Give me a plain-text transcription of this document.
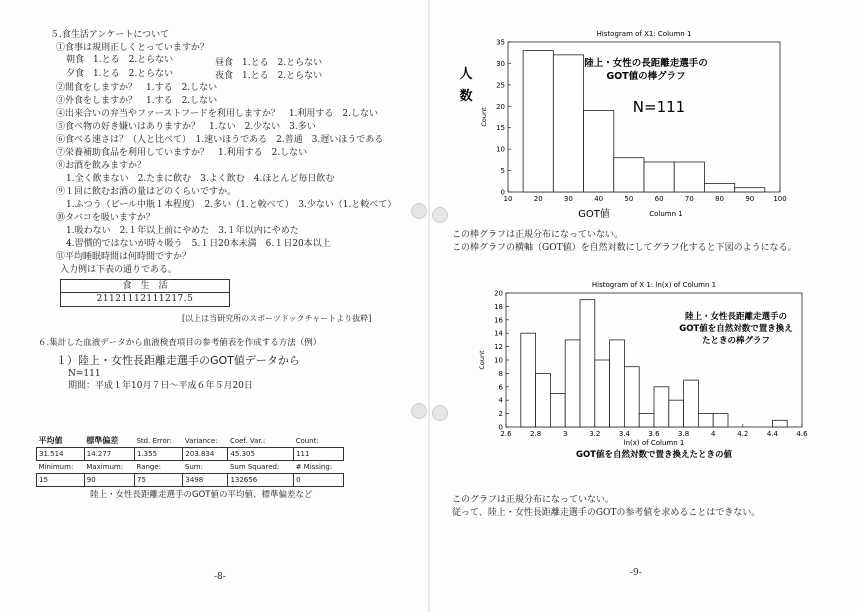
５.食生活アンケートについて
①食事は規則正しくとっていますか？
朝食　1.とる　2.とらない	昼食　1.とる　2.とらない
夕食　1.とる　2.とらない	夜食　1.とる　2.とらない
②間食をしますか？　1.する　2.しない
③外食をしますか？　1.する　2.しない
④出来合いの弁当やファーストフードを利用しますか？　1.利用する　2.しない
⑤食べ物の好き嫌いはありますか？　1.ない　2.少ない　3.多い
⑥食べる速さは？（人と比べて）　1.速いほうである　2.普通　3.遅いほうである
⑦栄養補助食品を利用していますか？　1.利用する　2.しない
⑧お酒を飲みますか？
1.全く飲まない　2.たまに飲む　3.よく飲む　4.ほとんど毎日飲む
⑨１回に飲むお酒の量はどのくらいですか。
1.ふつう（ビール中瓶１本程度）　2.多い（1.と較べて）　3.少ない（1.と較べて）
⑩タバコを吸いますか？
1.吸わない　2.１年以上前にやめた　3.１年以内にやめた
4.習慣的ではないが時々吸う　5.１日20本未満　6.１日20本以上
⑪平均睡眠時間は何時間ですか？
入力例は下表の通りである。
食　生　活
21121112111217.5
[以上は当研究所のスポーツドックチャートより抜粋]
６.集計した血液データから血液検査項目の参考値表を作成する方法（例）
１）陸上・女性長距離走選手のGOT値データから
N=111
期間：平成１年10月７日〜平成６年５月20日
平均値	標準偏差	Std. Error:	Variance:	Coef. Var.:	Count:
31.514	14.277	1.355	203.834	45.305	111
Minimum:	Maximum:	Range:	Sum:	Sum Squared:	# Missing:
15	90	75	3498	132656	0
陸上・女性長距離走選手のGOT値の平均値、標準偏差など
-8-
Histogram of X1: Column 1
0
5
10
15
20
25
30
35
10	20	30	40	50	60	70	80	90	100
Count
Column 1
GOT値
人
数
陸上・女性の長距離走選手の
GOT値の棒グラフ
N=111
この棒グラフは正規分布になっていない。
この棒グラフの横軸（GOT値）を自然対数にしてグラフ化すると下図のようになる。
Histogram of X 1: ln(x) of Column 1
0
2
4
6
8
10
12
14
16
18
20
2.6	2.8	3	3.2	3.4	3.6	3.8	4	4.2	4.4	4.6
Count
ln(x) of Column 1
GOT値を自然対数で置き換えたときの値
陸上・女性長距離走選手の
GOT値を自然対数で置き換え
たときの棒グラフ
このグラフは正規分布になっていない。
従って、陸上・女性長距離走選手のGOTの参考値を求めることはできない。
-9-
